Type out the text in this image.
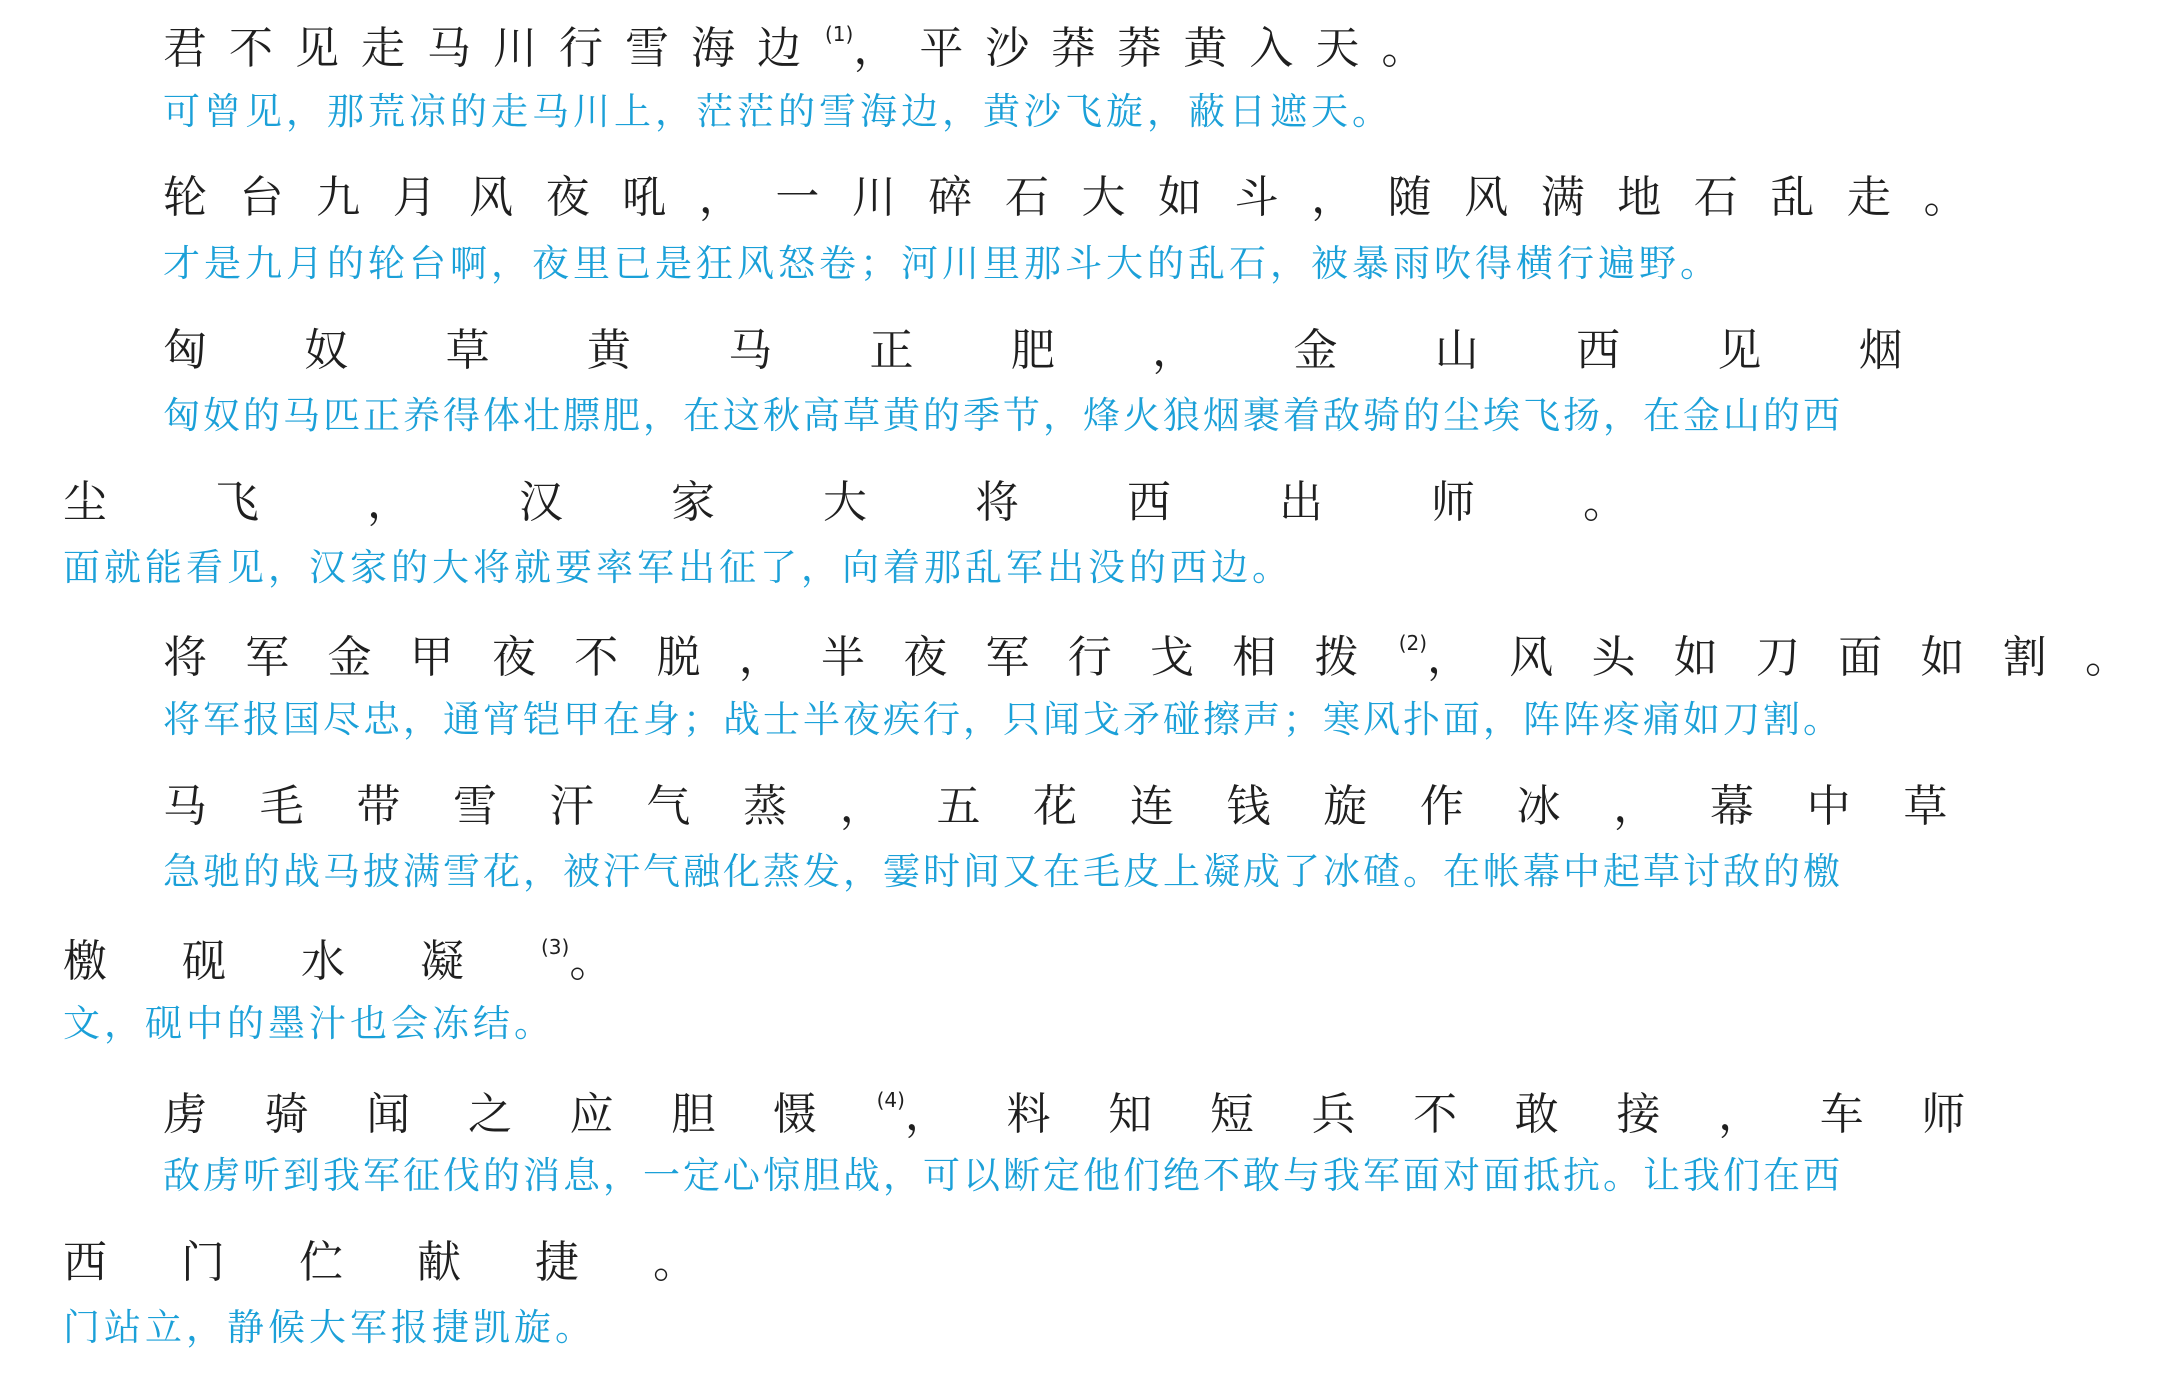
君不见走马川行雪海边 $^{(1)}$，平沙莽莽黄入天。
可曾见，那荒凉的走马川上，茫茫的雪海边，黄沙飞旋，蔽日遮天。
轮台九月风夜吼，一川碎石大如斗，随风满地石乱走。
才是九月的轮台啊，夜里已是狂风怒卷；河川里那斗大的乱石，被暴雨吹得横行遍野。
匈奴草黄马正肥，金山西见烟
匈奴的马匹正养得体壮膘肥，在这秋高草黄的季节，烽火狼烟裹着敌骑的尘埃飞扬，在金山的西
尘飞，汉家大将西出师。
面就能看见，汉家的大将就要率军出征了，向着那乱军出没的西边。
将军金甲夜不脱，半夜军行戈相拨 $^{(2)}$，风头如刀面如割。
将军报国尽忠，通宵铠甲在身；战士半夜疾行，只闻戈矛碰擦声；寒风扑面，阵阵疼痛如刀割。
马毛带雪汗气蒸，五花连钱旋作冰，幕中草
急驰的战马披满雪花，被汗气融化蒸发，霎时间又在毛皮上凝成了冰碴。在帐幕中起草讨敌的檄
檄砚水凝 $^{(3)}$。
文，砚中的墨汁也会冻结。
虏骑闻之应胆慑 $^{(4)}$，料知短兵不敢接，车师
敌虏听到我军征伐的消息，一定心惊胆战，可以断定他们绝不敢与我军面对面抵抗。让我们在西
西门伫献捷。
门站立，静候大军报捷凯旋。
